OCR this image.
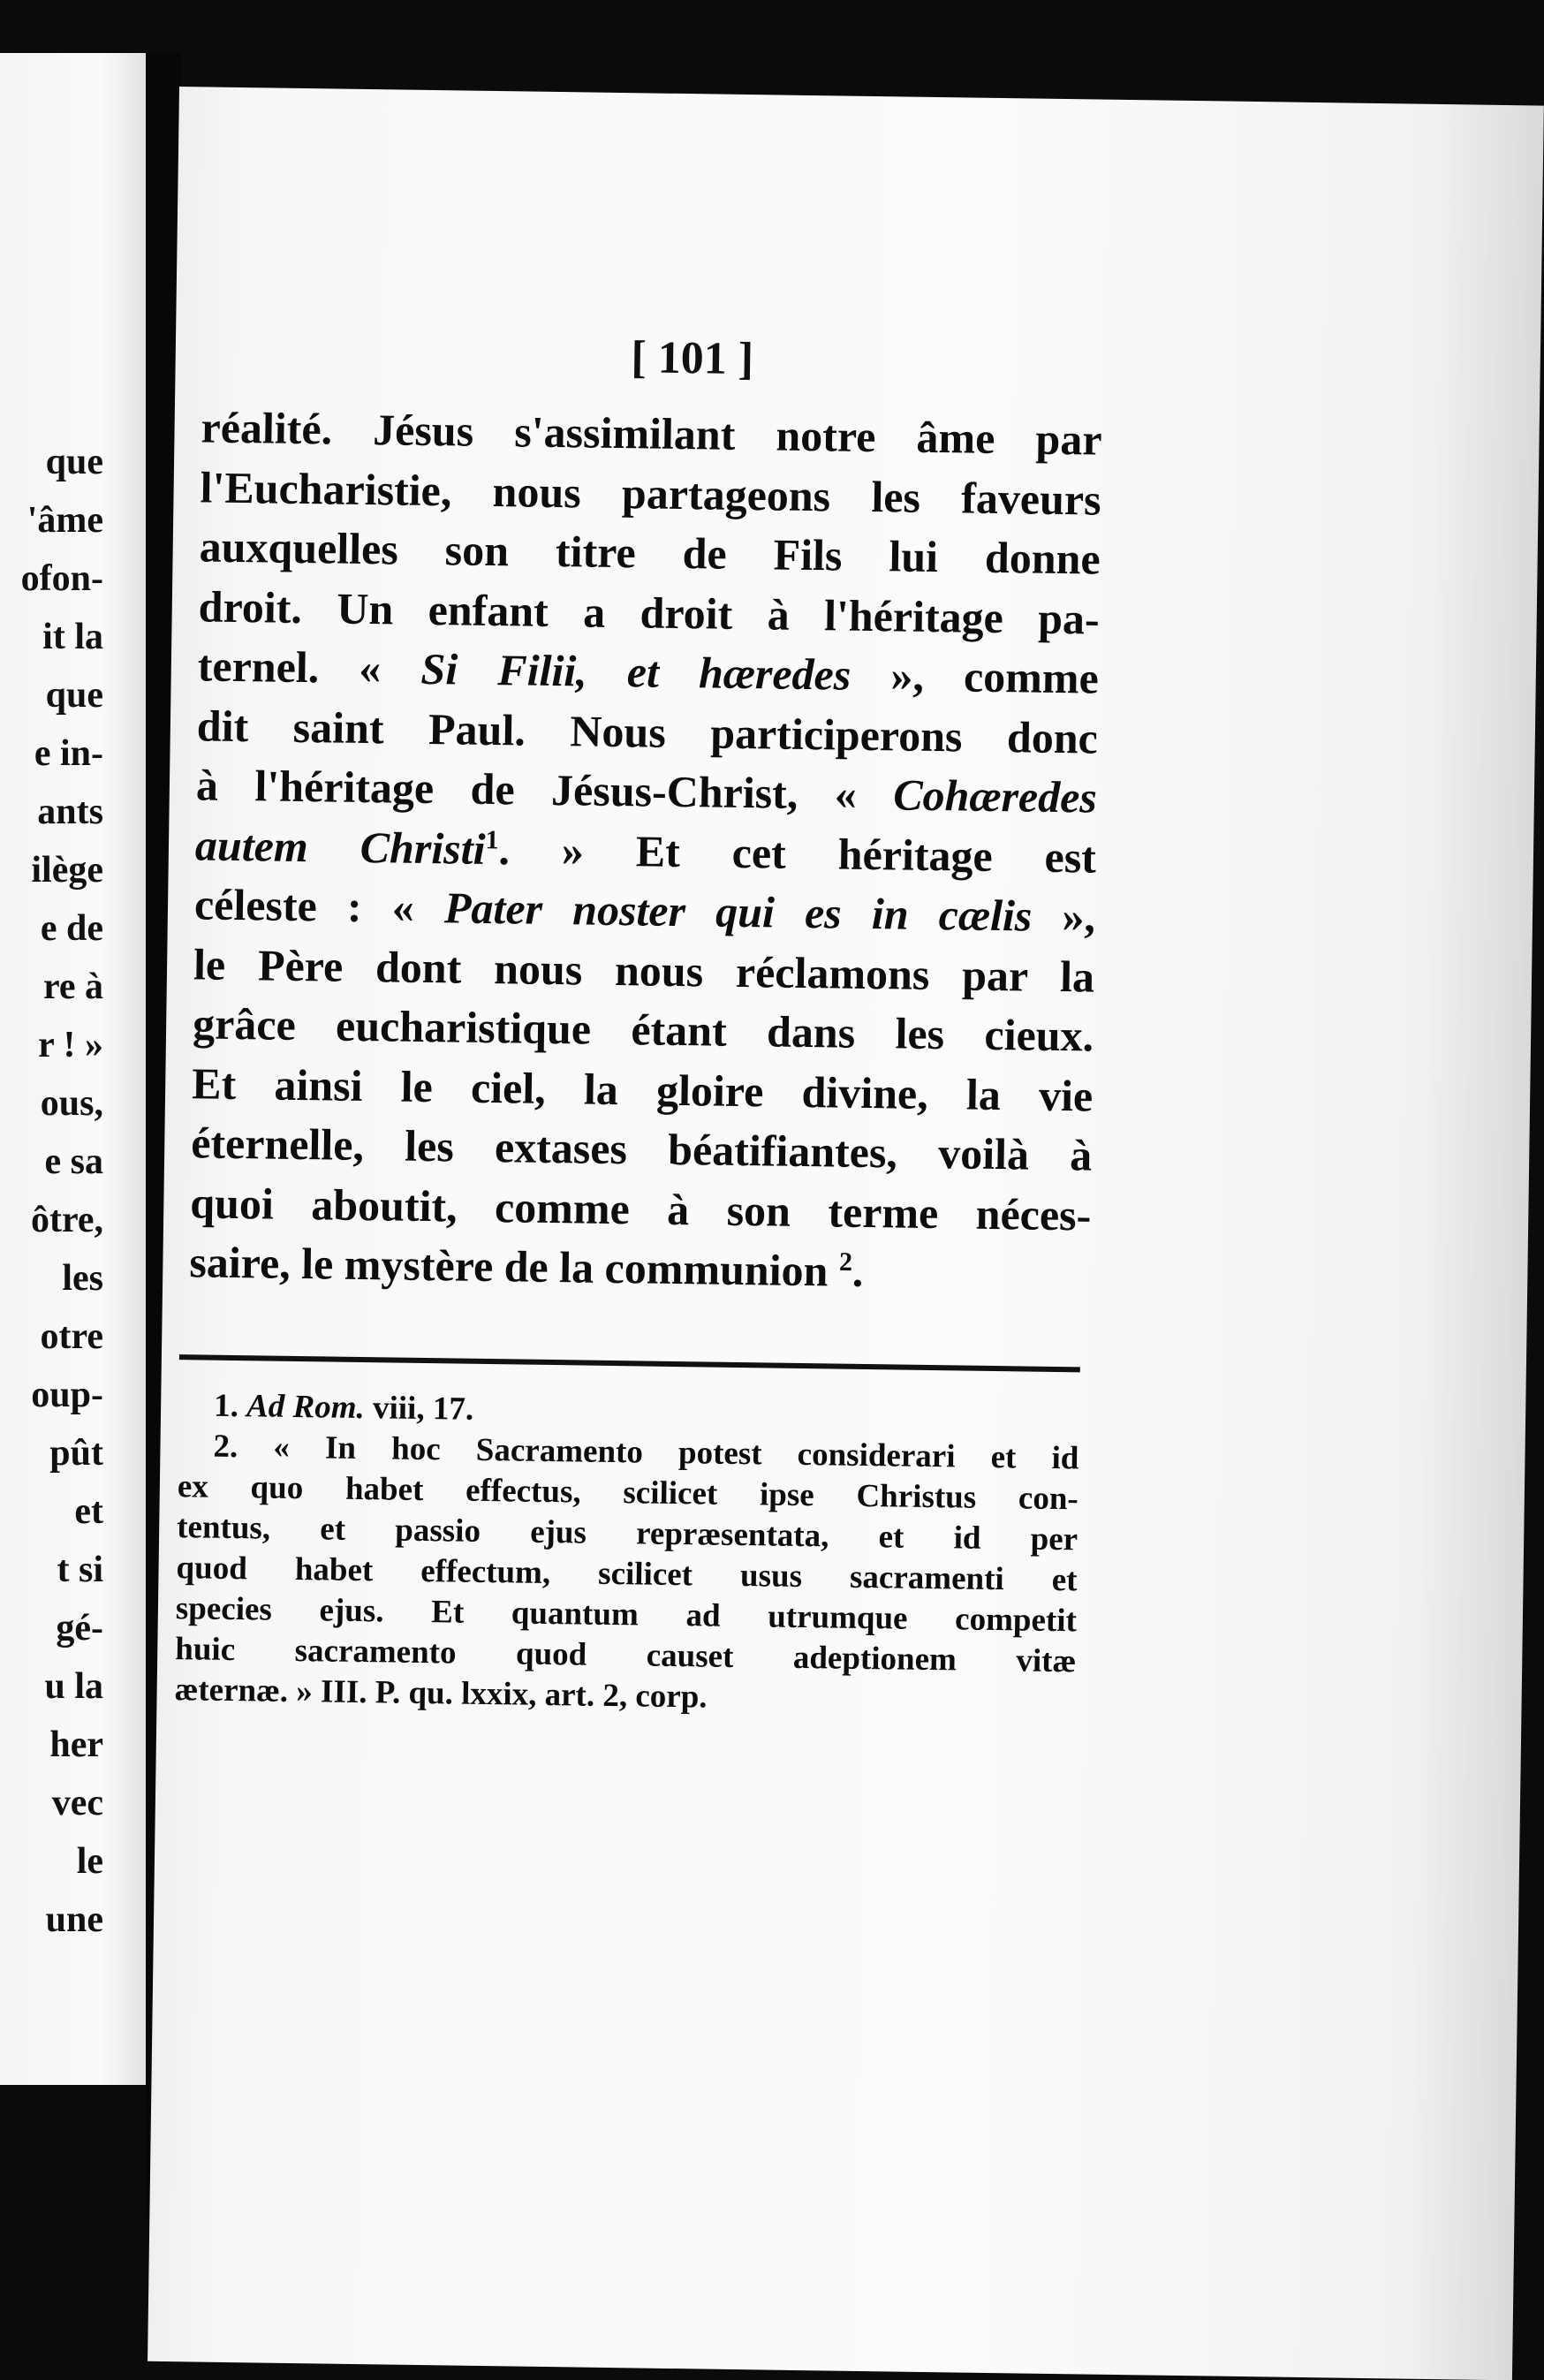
que
'âme
ofon-
it la
que
e in-
ants
ilège
e de
re à
r ! »
ous,
e sa
ôtre,
les
otre
oup-
pût
et
t si
gé-
u la
her
vec
le
une
[ 101 ]
réalité. Jésus s'assimilant notre âme par
l'Eucharistie, nous partageons les faveurs
auxquelles son titre de Fils lui donne
droit. Un enfant a droit à l'héritage pa-
ternel. « Si Filii, et hæredes », comme
dit saint Paul. Nous participerons donc
à l'héritage de Jésus-Christ, « Cohæredes
autem Christi$^1$. » Et cet héritage est
céleste : « Pater noster qui es in cælis »,
le Père dont nous nous réclamons par la
grâce eucharistique étant dans les cieux.
Et ainsi le ciel, la gloire divine, la vie
éternelle, les extases béatifiantes, voilà à
quoi aboutit, comme à son terme néces-
saire, le mystère de la communion $^2$.
1. Ad Rom. viii, 17.
2. « In hoc Sacramento potest considerari et id
ex quo habet effectus, scilicet ipse Christus con-
tentus, et passio ejus repræsentata, et id per
quod habet effectum, scilicet usus sacramenti et
species ejus. Et quantum ad utrumque competit
huic sacramento quod causet adeptionem vitæ
æternæ. » III. P. qu. lxxix, art. 2, corp.
